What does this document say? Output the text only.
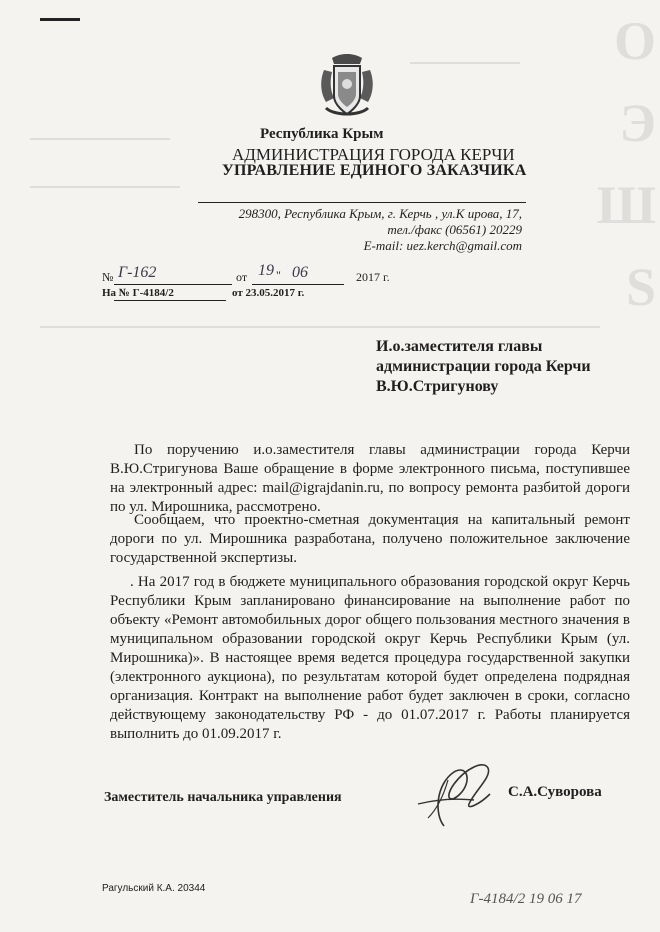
O
Э
Ш
S
Республика Крым
АДМИНИСТРАЦИЯ ГОРОДА КЕРЧИ
УПРАВЛЕНИЕ ЕДИНОГО ЗАКАЗЧИКА
298300, Республика Крым, г. Керчь , ул.К ирова, 17,
тел./факс (06561) 20229
E-mail: uez.kerch@gmail.com
№ Г-162	от 19 " 06	2017 г.
На № Г-4184/2	от 23.05.2017 г.
И.о.заместителя главы
администрации города Керчи
В.Ю.Стригунову
По поручению и.о.заместителя главы администрации города Керчи В.Ю.Стригунова Ваше обращение в форме электронного письма, поступившее на электронный адрес: mail@igrajdanin.ru, по вопросу ремонта разбитой дороги по ул. Мирошника, рассмотрено.
Сообщаем, что проектно-сметная документация на капитальный ремонт дороги по ул. Мирошника разработана, получено положительное заключение государственной экспертизы.
. На 2017 год в бюджете муниципального образования городской округ Керчь Республики Крым запланировано финансирование на выполнение работ по объекту «Ремонт автомобильных дорог общего пользования местного значения в муниципальном образовании городской округ Керчь Республики Крым (ул. Мирошника)». В настоящее время ведется процедура государственной закупки (электронного аукциона), по результатам которой будет определена подрядная организация. Контракт на выполнение работ будет заключен в сроки, согласно действующему законодательству РФ - до 01.07.2017 г. Работы планируется выполнить до 01.09.2017 г.
Заместитель начальника управления	С.А.Суворова
Рагульский К.А. 20344
Г-4184/2 19 06 17
